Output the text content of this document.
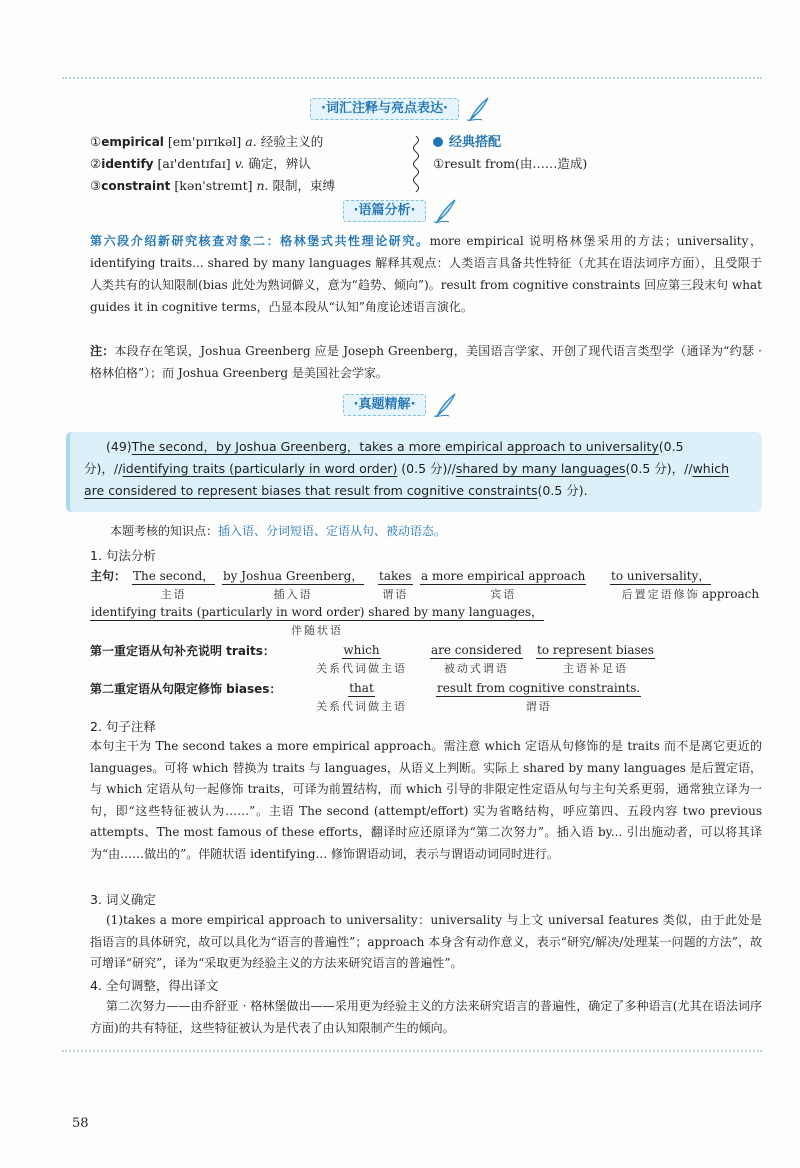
·词汇注释与亮点表达·
①empirical [em'pɪrɪkəl] a. 经验主义的
②identify [aɪ'dentɪfaɪ] v. 确定，辨认
③constraint [kən'streɪnt] n. 限制，束缚
经典搭配
①result from(由……造成)
·语篇分析·
第六段介绍新研究核查对象二：格林堡式共性理论研究。more empirical 说明格林堡采用的方法；universality，identifying traits... shared by many languages 解释其观点：人类语言具备共性特征（尤其在语法词序方面），且受限于人类共有的认知限制(bias 此处为熟词僻义，意为“趋势、倾向”)。result from cognitive constraints 回应第三段末句 what guides it in cognitive terms，凸显本段从“认知”角度论述语言演化。
注：本段存在笔误，Joshua Greenberg 应是 Joseph Greenberg，美国语言学家、开创了现代语言类型学（通译为“约瑟 · 格林伯格”）；而 Joshua Greenberg 是美国社会学家。
·真题精解·
(49)The second，by Joshua Greenberg，takes a more empirical approach to universality(0.5 分)，//identifying traits (particularly in word order) (0.5 分)//shared by many languages(0.5 分)，//which are considered to represent biases that result from cognitive constraints(0.5 分).
本题考核的知识点：插入语、分词短语、定语从句、被动语态。
1. 句法分析
主句： The second，
主语
by Joshua Greenberg，
插入语
takes
谓语
a more empirical approach
宾语
to universality，
后置定语修饰 approach
identifying traits (particularly in word order) shared by many languages，
伴随状语
第一重定语从句补充说明 traits：	which
关系代词做主语
are considered
被动式谓语
to represent biases
主语补足语
第二重定语从句限定修饰 biases：	that
关系代词做主语
result from cognitive constraints.
谓语
2. 句子注释
本句主干为 The second takes a more empirical approach。需注意 which 定语从句修饰的是 traits 而不是离它更近的 languages。可将 which 替换为 traits 与 languages，从语义上判断。实际上 shared by many languages 是后置定语，与 which 定语从句一起修饰 traits，可译为前置结构，而 which 引导的非限定性定语从句与主句关系更弱，通常独立译为一句，即“这些特征被认为……”。主语 The second (attempt/effort) 实为省略结构，呼应第四、五段内容 two previous attempts、The most famous of these efforts，翻译时应还原译为“第二次努力”。插入语 by... 引出施动者，可以将其译为“由……做出的”。伴随状语 identifying... 修饰谓语动词，表示与谓语动词同时进行。
3. 词义确定
(1)takes a more empirical approach to universality：universality 与上文 universal features 类似，由于此处是指语言的具体研究，故可以具化为“语言的普遍性”；approach 本身含有动作意义，表示“研究/解决/处理某一问题的方法”，故可增译“研究”，译为“采取更为经验主义的方法来研究语言的普遍性”。
4. 全句调整，得出译文
第二次努力——由乔舒亚 · 格林堡做出——采用更为经验主义的方法来研究语言的普遍性，确定了多种语言(尤其在语法词序方面)的共有特征，这些特征被认为是代表了由认知限制产生的倾向。
58
